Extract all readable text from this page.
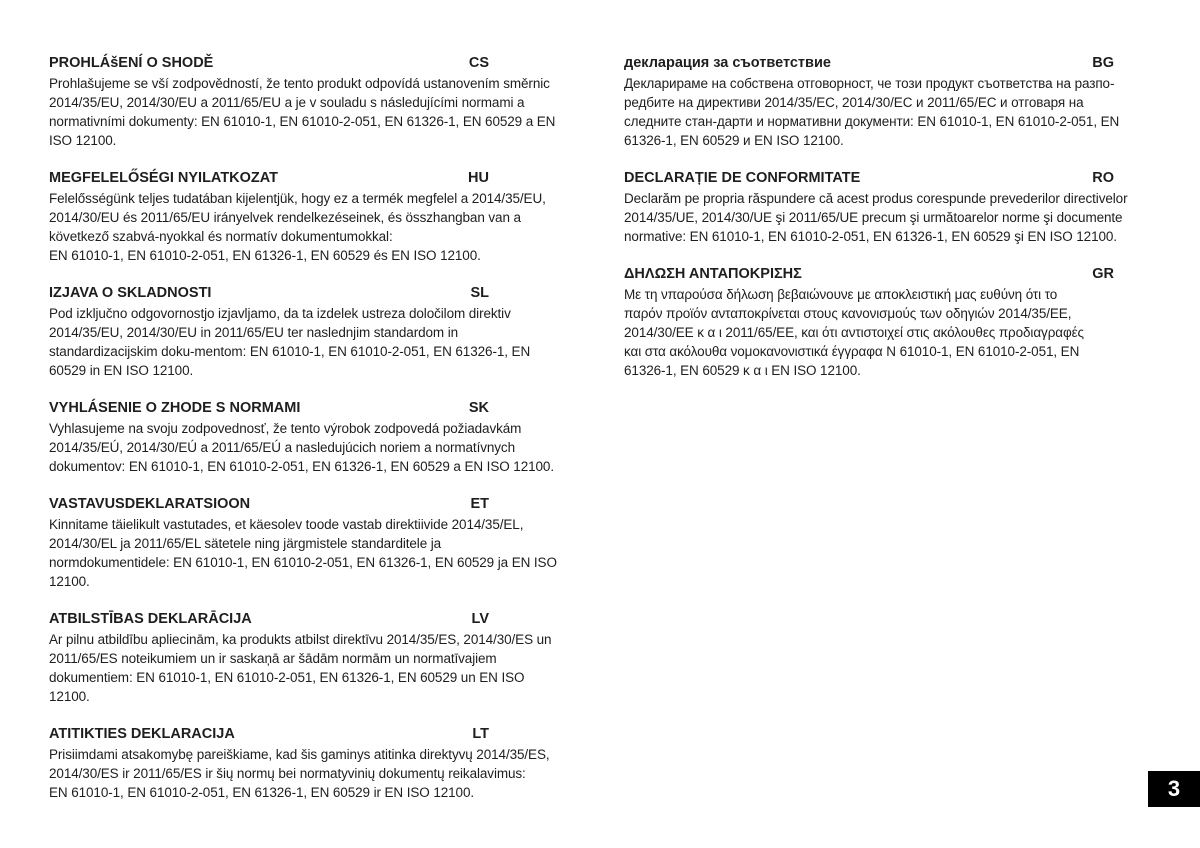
PROHLÁšENÍ O SHODĚ	CS

Prohlašujeme se vší zodpovědností, že tento produkt odpovídá ustanovením směrnic
2014/35/EU, 2014/30/EU a 2011/65/EU a je v souladu s následujícími normami a
normativními dokumenty: EN 61010-1, EN 61010-2-051, EN 61326-1, EN 60529 a EN
ISO 12100.

MEGFELELŐSÉGI NYILATKOZAT	HU

Felelősségünk teljes tudatában kijelentjük, hogy ez a termék megfelel a 2014/35/EU,
2014/30/EU és 2011/65/EU irányelvek rendelkezéseinek, és összhangban van a
következő szabvá-nyokkal és normatív dokumentumokkal:
EN 61010-1, EN 61010-2-051, EN 61326-1, EN 60529 és EN ISO 12100.

IZJAVA O SKLADNOSTI	SL

Pod izključno odgovornostjo izjavljamo, da ta izdelek ustreza določilom direktiv
2014/35/EU, 2014/30/EU in 2011/65/EU ter naslednjim standardom in
standardizacijskim doku-mentom: EN 61010-1, EN 61010-2-051, EN 61326-1, EN
60529 in EN ISO 12100.

VYHLÁSENIE O ZHODE S NORMAMI	SK

Vyhlasujeme na svoju zodpovednosť, že tento výrobok zodpovedá požiadavkám
2014/35/EÚ, 2014/30/EÚ a 2011/65/EÚ a nasledujúcich noriem a normatívnych
dokumentov: EN 61010-1, EN 61010-2-051, EN 61326-1, EN 60529 a EN ISO 12100.

VASTAVUSDEKLARATSIOON	ET

Kinnitame täielikult vastutades, et käesolev toode vastab direktiivide 2014/35/EL,
2014/30/EL ja 2011/65/EL sätetele ning järgmistele standarditele ja
normdokumentidele: EN 61010-1, EN 61010-2-051, EN 61326-1, EN 60529 ja EN ISO
12100.

ATBILSTĪBAS DEKLARĀCIJA	LV

Ar pilnu atbildību apliecinām, ka produkts atbilst direktīvu 2014/35/ES, 2014/30/ES un
2011/65/ES noteikumiem un ir saskaņā ar šādām normām un normatīvajiem
dokumentiem: EN 61010-1, EN 61010-2-051, EN 61326-1, EN 60529 un EN ISO
12100.

ATITIKTIES DEKLARACIJA	LT

Prisiimdami atsakomybę pareiškiame, kad šis gaminys atitinka direktyvų 2014/35/ES,
2014/30/ES ir 2011/65/ES ir šių normų bei normatyvinių dokumentų reikalavimus:
EN 61010-1, EN 61010-2-051, EN 61326-1, EN 60529 ir EN ISO 12100.

декларация за съответствие	BG

Декларираме на собствена отговорност, че този продукт съответства на разпо-
редбите на директиви 2014/35/ЕС, 2014/30/ЕС и 2011/65/ЕС и отговаря на
следните стан-дарти и нормативни документи: EN 61010-1, EN 61010-2-051, EN
61326-1, EN 60529 и EN ISO 12100.

DECLARAȚIE DE CONFORMITATE	RO

Declarăm pe propria răspundere că acest produs corespunde prevederilor directivelor
2014/35/UE, 2014/30/UE şi 2011/65/UE precum şi următoarelor norme şi documente
normative: EN 61010-1, EN 61010-2-051, EN 61326-1, EN 60529 şi EN ISO 12100.

ΔΗΛΩΣΗ ΑΝΤΑΠΟΚΡΙΣΗΣ	GR

Με τη νπαρούσα δήλωση βεβαιώνουνε με αποκλειστική μας ευθύνη ότι το
παρόν προϊόν ανταποκρίνεται στους κανονισμούς των οδηγιών 2014/35/ΕΕ,
2014/30/ΕΕ κ α ι 2011/65/ΕΕ, και ότι αντιστοιχεί στις ακόλουθες προδιαγραφές
και στα ακόλουθα νομοκανονιστικά έγγραφα N 61010-1, EN 61010-2-051, EN
61326-1, EN 60529 κ α ι EN ISO 12100.

3
